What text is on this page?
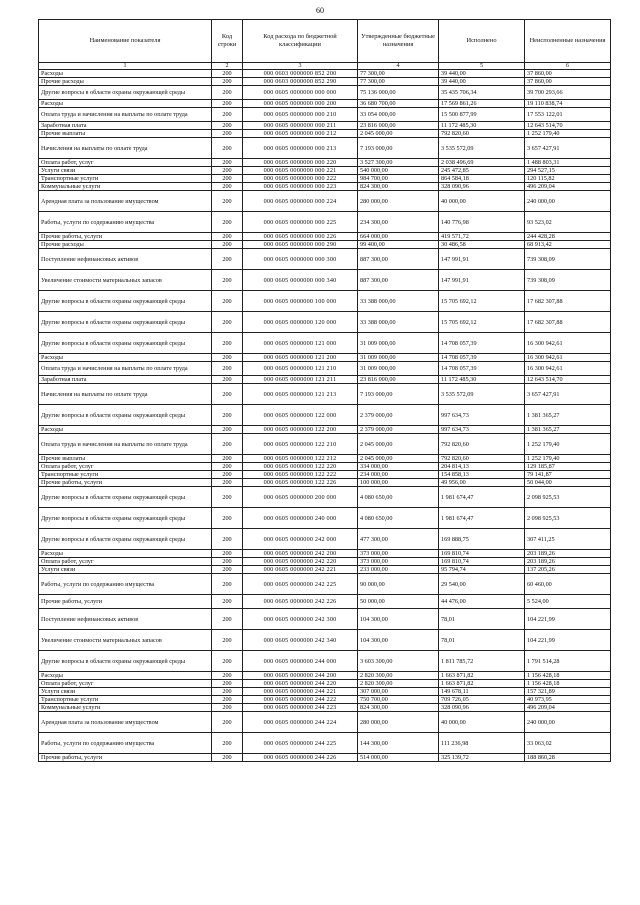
60
Наименование показателя	Код строки	Код расхода по бюджетной классификации	Утвержденные бюджетные назначения	Исполнено	Неисполненные назначения
1	2	3	4	5	6
Расходы	200	000 0603 0000000 852 200	77 300,00	39 440,00	37 860,00
Прочие расходы	200	000 0603 0000000 852 290	77 300,00	39 440,00	37 860,00
Другие вопросы в области охраны окружающей среды	200	000 0605 0000000 000 000	75 136 000,00	35 435 706,34	39 700 293,66
Расходы	200	000 0605 0000000 000 200	36 680 700,00	17 569 861,26	19 110 838,74
Оплата труда и начисления на выплаты по оплате труда	200	000 0605 0000000 000 210	33 054 000,00	15 500 877,99	17 553 122,01
Заработная плата	200	000 0605 0000000 000 211	23 816 000,00	11 172 485,30	12 643 514,70
Прочие выплаты	200	000 0605 0000000 000 212	2 045 000,00	792 820,60	1 252 179,40
Начисления на выплаты по оплате труда	200	000 0605 0000000 000 213	7 193 000,00	3 535 572,09	3 657 427,91
Оплата работ, услуг	200	000 0605 0000000 000 220	3 527 300,00	2 038 496,69	1 488 803,31
Услуги связи	200	000 0605 0000000 000 221	540 000,00	245 472,85	294 527,15
Транспортные услуги	200	000 0605 0000000 000 222	984 700,00	864 584,18	120 115,82
Коммунальные услуги	200	000 0605 0000000 000 223	824 300,00	328 090,96	496 209,04
Арендная плата за пользование имуществом	200	000 0605 0000000 000 224	280 000,00	40 000,00	240 000,00
Работы, услуги по содержанию имущества	200	000 0605 0000000 000 225	234 300,00	140 776,98	93 523,02
Прочие работы, услуги	200	000 0605 0000000 000 226	664 000,00	419 571,72	244 428,28
Прочие расходы	200	000 0605 0000000 000 290	99 400,00	30 486,58	68 913,42
Поступление нефинансовых активов	200	000 0605 0000000 000 300	887 300,00	147 991,91	739 308,09
Увеличение стоимости материальных запасов	200	000 0605 0000000 000 340	887 300,00	147 991,91	739 308,09
Другие вопросы в области охраны окружающей среды	200	000 0605 0000000 100 000	33 388 000,00	15 705 692,12	17 682 307,88
Другие вопросы в области охраны окружающей среды	200	000 0605 0000000 120 000	33 388 000,00	15 705 692,12	17 682 307,88
Другие вопросы в области охраны окружающей среды	200	000 0605 0000000 121 000	31 009 000,00	14 708 057,39	16 300 942,61
Расходы	200	000 0605 0000000 121 200	31 009 000,00	14 708 057,39	16 300 942,61
Оплата труда и начисления на выплаты по оплате труда	200	000 0605 0000000 121 210	31 009 000,00	14 708 057,39	16 300 942,61
Заработная плата	200	000 0605 0000000 121 211	23 816 000,00	11 172 485,30	12 643 514,70
Начисления на выплаты по оплате труда	200	000 0605 0000000 121 213	7 193 000,00	3 535 572,09	3 657 427,91
Другие вопросы в области охраны окружающей среды	200	000 0605 0000000 122 000	2 379 000,00	997 634,73	1 381 365,27
Расходы	200	000 0605 0000000 122 200	2 379 000,00	997 634,73	1 381 365,27
Оплата труда и начисления на выплаты по оплате труда	200	000 0605 0000000 122 210	2 045 000,00	792 820,60	1 252 179,40
Прочие выплаты	200	000 0605 0000000 122 212	2 045 000,00	792 820,60	1 252 179,40
Оплата работ, услуг	200	000 0605 0000000 122 220	334 000,00	204 814,13	129 185,87
Транспортные услуги	200	000 0605 0000000 122 222	234 000,00	154 858,13	79 141,87
Прочие работы, услуги	200	000 0605 0000000 122 226	100 000,00	49 956,00	50 044,00
Другие вопросы в области охраны окружающей среды	200	000 0605 0000000 200 000	4 080 650,00	1 981 674,47	2 098 925,53
Другие вопросы в области охраны окружающей среды	200	000 0605 0000000 240 000	4 080 650,00	1 981 674,47	2 098 925,53
Другие вопросы в области охраны окружающей среды	200	000 0605 0000000 242 000	477 300,00	169 888,75	307 411,25
Расходы	200	000 0605 0000000 242 200	373 000,00	169 810,74	203 189,26
Оплата работ, услуг	200	000 0605 0000000 242 220	373 000,00	169 810,74	203 189,26
Услуги связи	200	000 0605 0000000 242 221	233 000,00	95 794,74	137 205,26
Работы, услуги по содержанию имущества	200	000 0605 0000000 242 225	90 000,00	29 540,00	60 460,00
Прочие работы, услуги	200	000 0605 0000000 242 226	50 000,00	44 476,00	5 524,00
Поступление нефинансовых активов	200	000 0605 0000000 242 300	104 300,00	78,01	104 221,99
Увеличение стоимости материальных запасов	200	000 0605 0000000 242 340	104 300,00	78,01	104 221,99
Другие вопросы в области охраны окружающей среды	200	000 0605 0000000 244 000	3 603 300,00	1 811 785,72	1 791 514,28
Расходы	200	000 0605 0000000 244 200	2 820 300,00	1 663 871,82	1 156 428,18
Оплата работ, услуг	200	000 0605 0000000 244 220	2 820 300,00	1 663 871,82	1 156 428,18
Услуги связи	200	000 0605 0000000 244 221	307 000,00	149 678,11	157 321,89
Транспортные услуги	200	000 0605 0000000 244 222	750 700,00	709 726,05	40 973,95
Коммунальные услуги	200	000 0605 0000000 244 223	824 300,00	328 090,96	496 209,04
Арендная плата за пользование имуществом	200	000 0605 0000000 244 224	280 000,00	40 000,00	240 000,00
Работы, услуги по содержанию имущества	200	000 0605 0000000 244 225	144 300,00	111 236,98	33 063,02
Прочие работы, услуги	200	000 0605 0000000 244 226	514 000,00	325 139,72	188 860,28
